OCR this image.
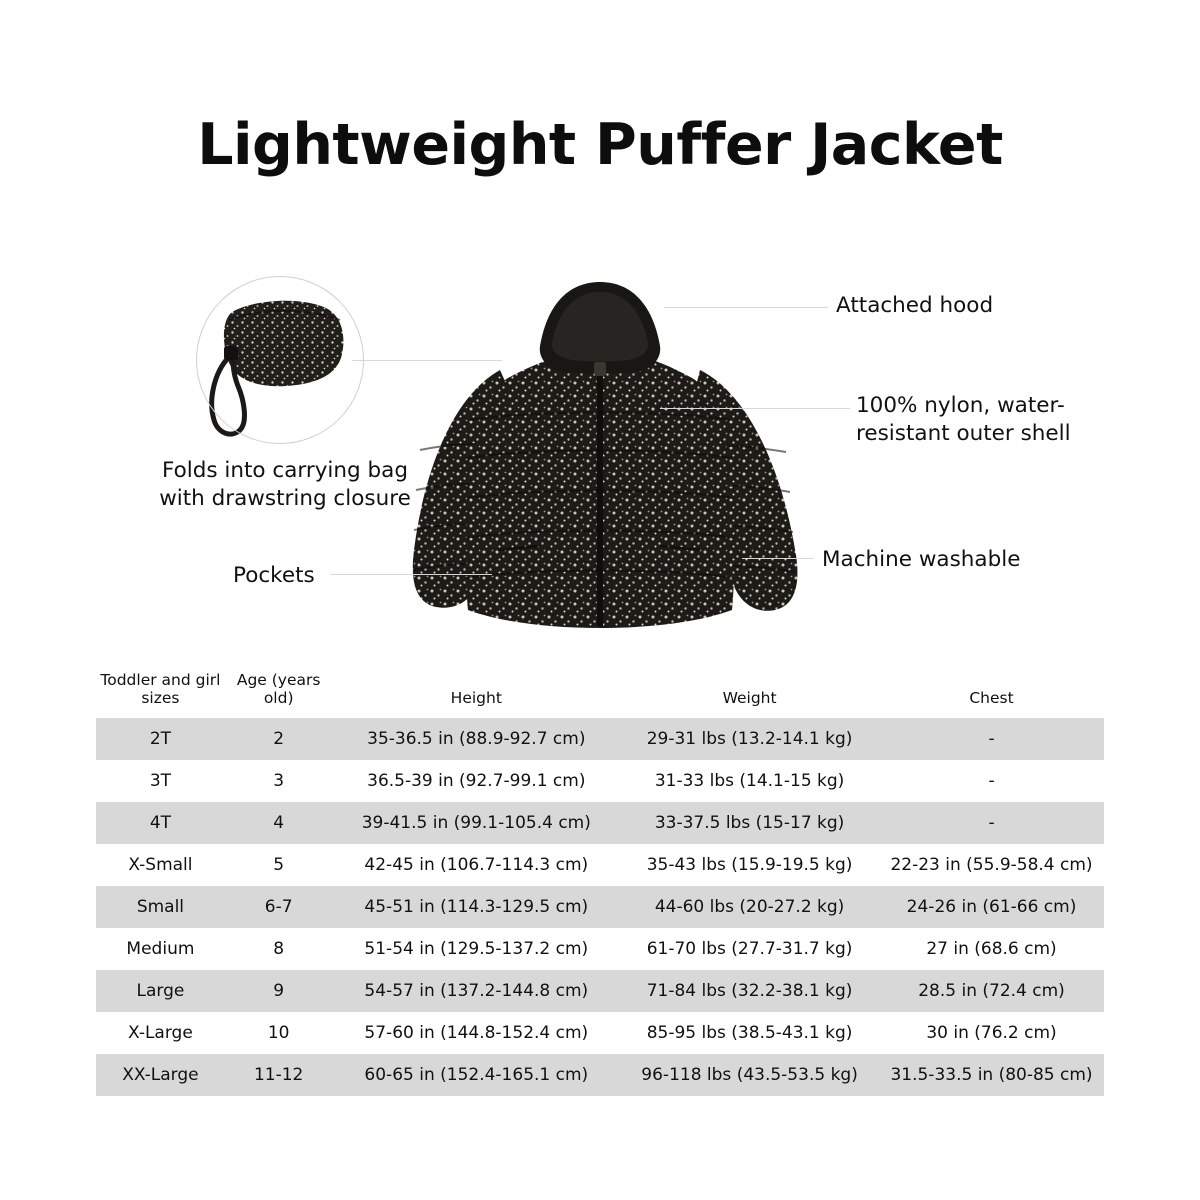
Lightweight Puffer Jacket
Attached hood
100% nylon, water-resistant outer shell
Machine washable
Folds into carrying bag with drawstring closure
Pockets
Toddler and girl sizes	Age (years old)	Height	Weight	Chest
2T	2	35-36.5 in (88.9-92.7 cm)	29-31 lbs (13.2-14.1 kg)	-
3T	3	36.5-39 in (92.7-99.1 cm)	31-33 lbs (14.1-15 kg)	-
4T	4	39-41.5 in (99.1-105.4 cm)	33-37.5 lbs (15-17 kg)	-
X-Small	5	42-45 in (106.7-114.3 cm)	35-43 lbs (15.9-19.5 kg)	22-23 in (55.9-58.4 cm)
Small	6-7	45-51 in (114.3-129.5 cm)	44-60 lbs (20-27.2 kg)	24-26 in (61-66 cm)
Medium	8	51-54 in (129.5-137.2 cm)	61-70 lbs (27.7-31.7 kg)	27 in (68.6 cm)
Large	9	54-57 in (137.2-144.8 cm)	71-84 lbs (32.2-38.1 kg)	28.5 in (72.4 cm)
X-Large	10	57-60 in (144.8-152.4 cm)	85-95 lbs (38.5-43.1 kg)	30 in (76.2 cm)
XX-Large	11-12	60-65 in (152.4-165.1 cm)	96-118 lbs (43.5-53.5 kg)	31.5-33.5 in (80-85 cm)
